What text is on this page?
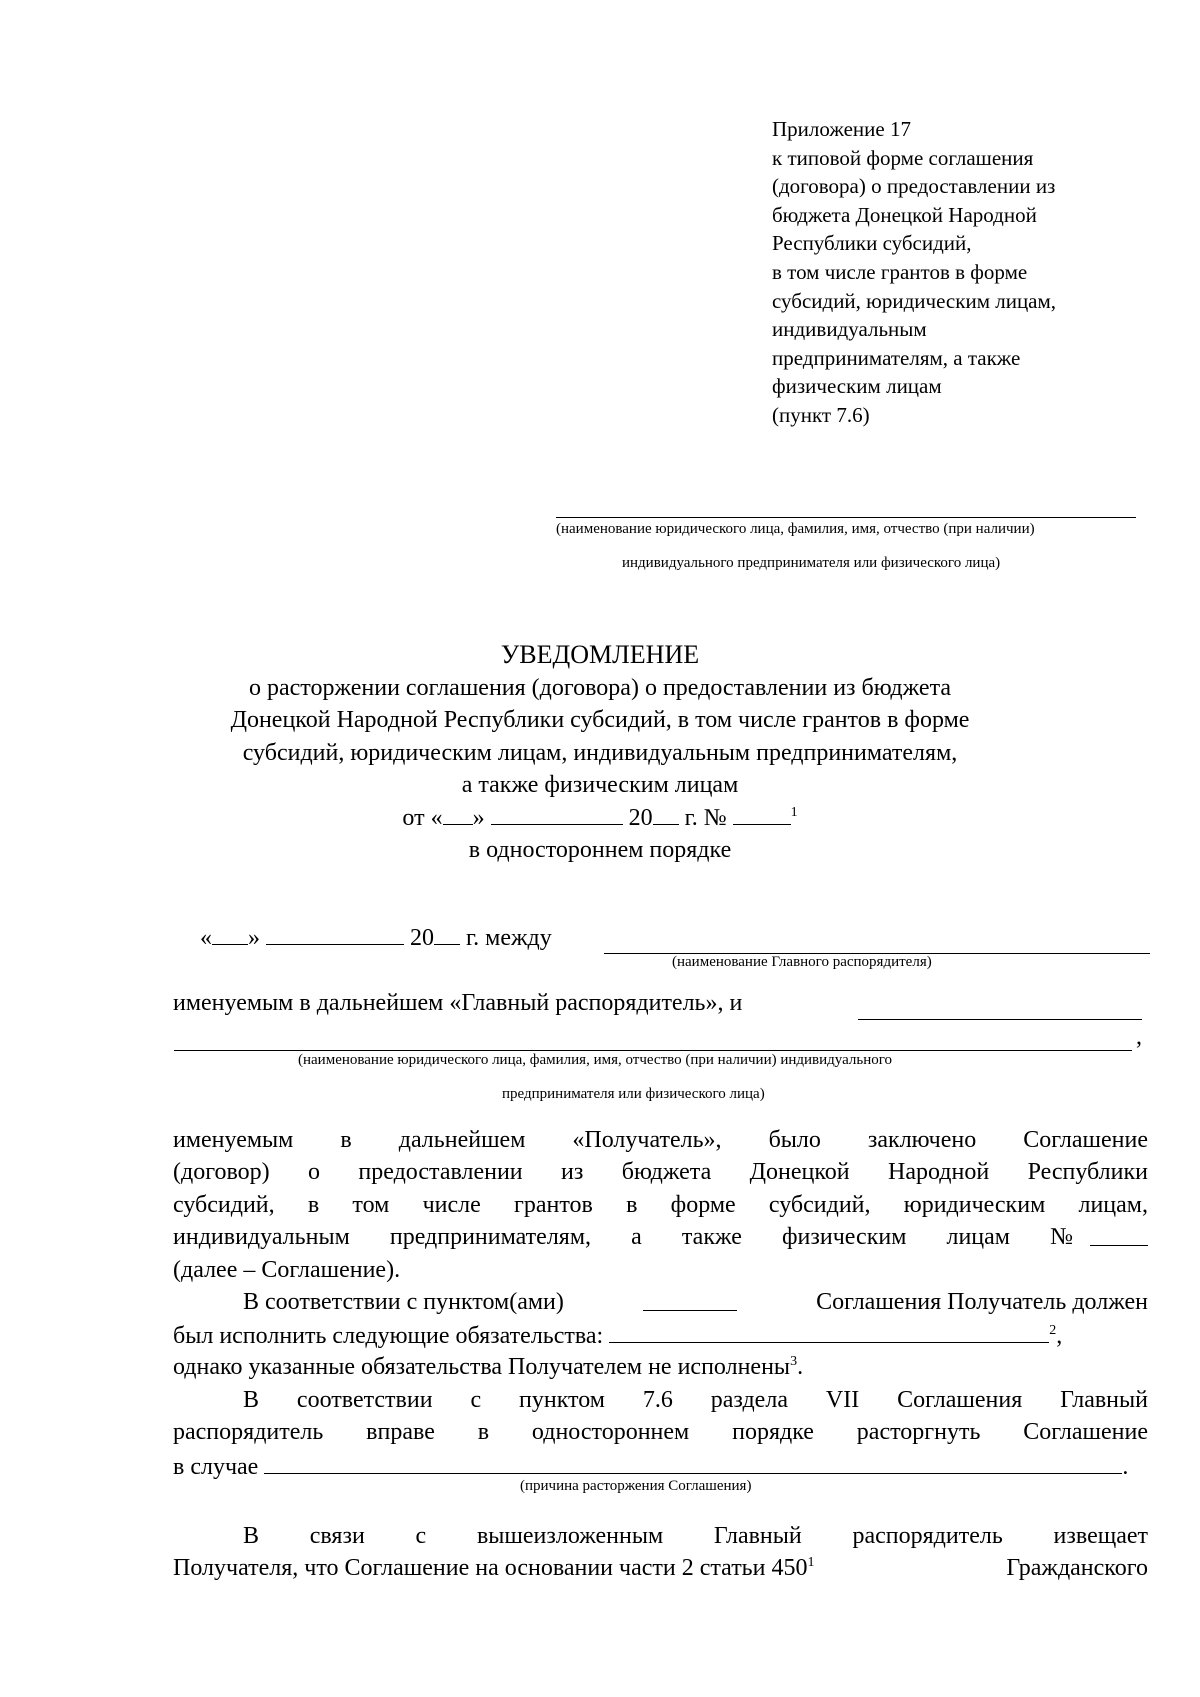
Приложение 17
к типовой форме соглашения
(договора) о предоставлении из
бюджета Донецкой Народной
Республики субсидий,
в том числе грантов в форме
субсидий, юридическим лицам,
индивидуальным
предпринимателям, а также
физическим лицам
(пункт 7.6)
(наименование юридического лица, фамилия, имя, отчество (при наличии)
индивидуального предпринимателя или физического лица)
УВЕДОМЛЕНИЕ
о расторжении соглашения (договора) о предоставлении из бюджета
Донецкой Народной Республики субсидий, в том числе грантов в форме
субсидий, юридическим лицам, индивидуальным предпринимателям,
а также физическим лицам
от « »	20 г. №	$^1$
в одностороннем порядке
« »	20 г. между
(наименование Главного распорядителя)
именуемым в дальнейшем «Главный распорядитель», и
,
(наименование юридического лица, фамилия, имя, отчество (при наличии) индивидуального
предпринимателя или физического лица)
именуемым в дальнейшем «Получатель», было заключено Соглашение
(договор) о предоставлении из бюджета Донецкой Народной Республики
субсидий, в том числе грантов в форме субсидий, юридическим лицам,
индивидуальным предпринимателям, а также физическим лицам №
(далее – Соглашение).
В соответствии с пунктом(ами)	Соглашения Получатель должен
был исполнить следующие обязательства:	$^2$,
однако указанные обязательства Получателем не исполнены$^3$.
В соответствии с пунктом 7.6 раздела VII Соглашения Главный
распорядитель вправе в одностороннем порядке расторгнуть Соглашение
в случае	.
(причина расторжения Соглашения)
В связи с вышеизложенным Главный распорядитель извещает
Получателя, что Соглашение на основании части 2 статьи $450^1$	Гражданского
